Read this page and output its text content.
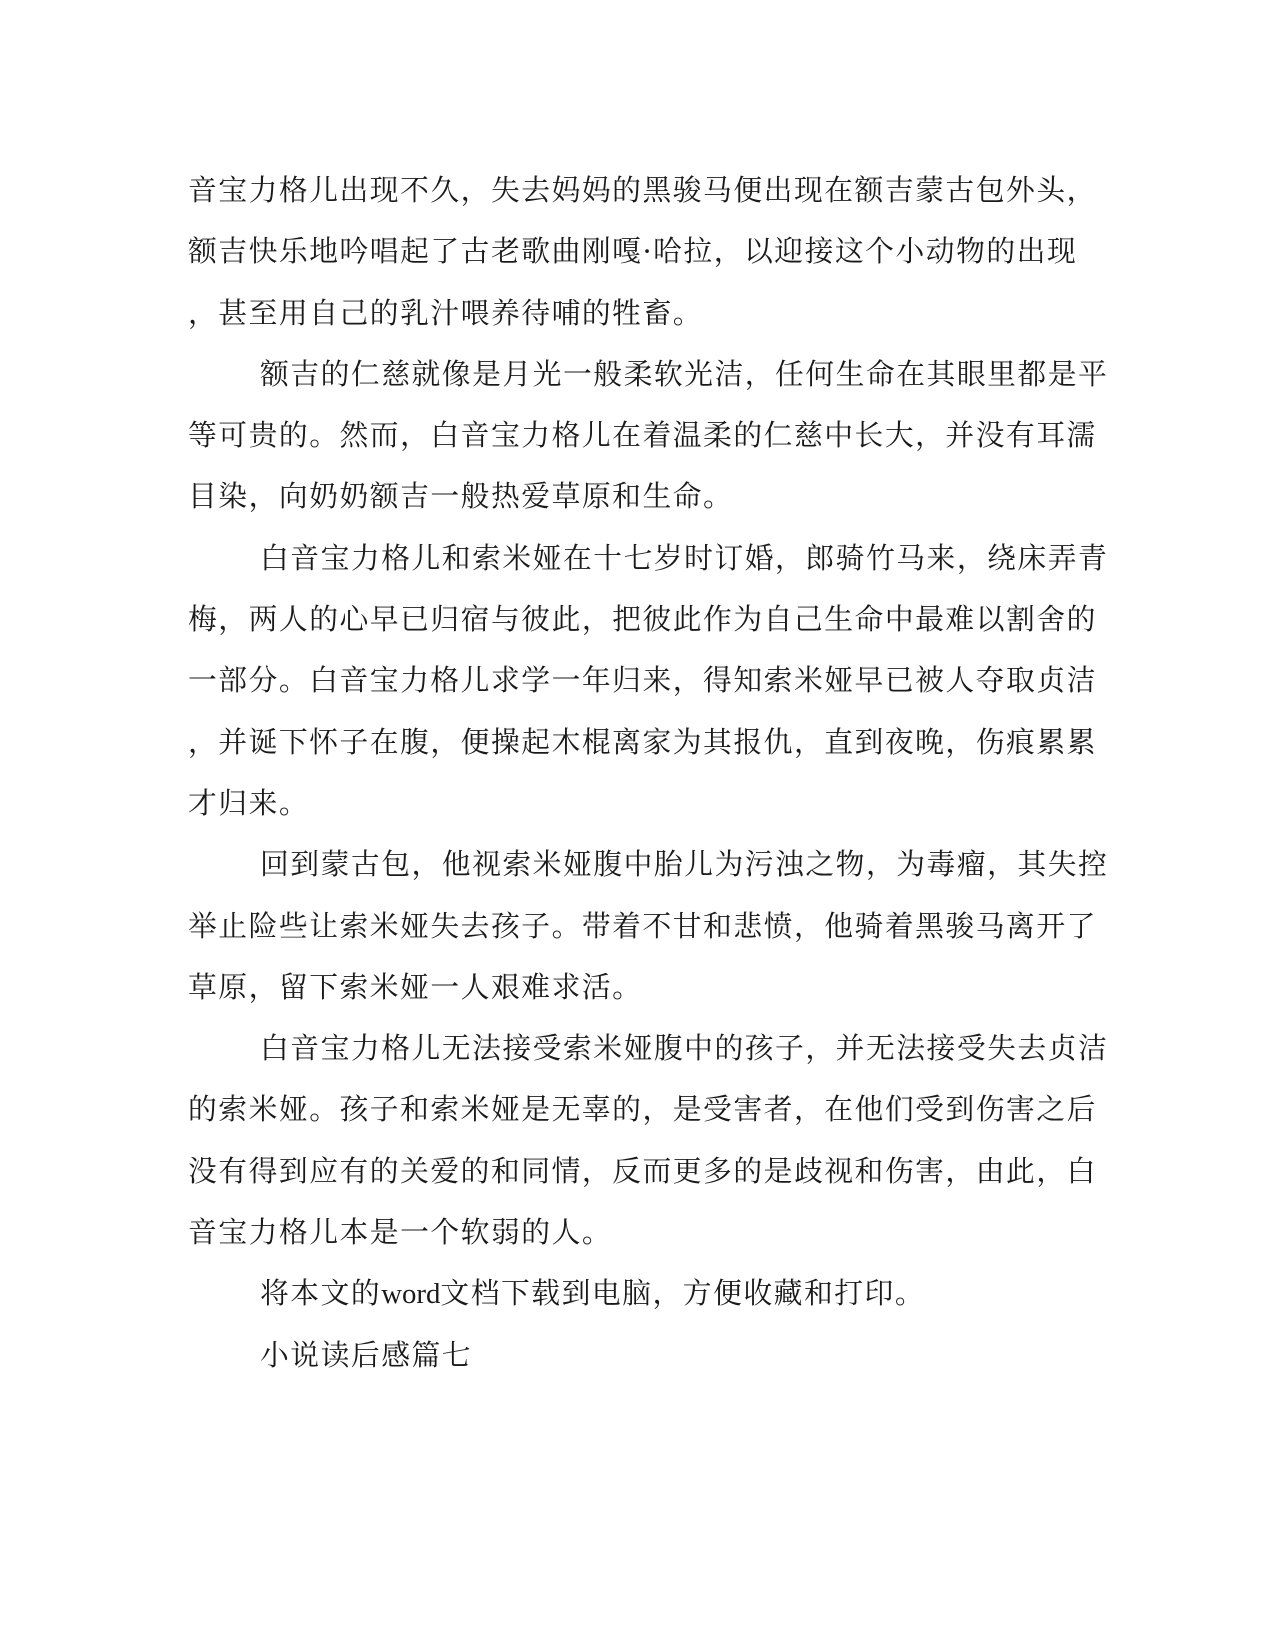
音宝力格儿出现不久，失去妈妈的黑骏马便出现在额吉蒙古包外头，
额吉快乐地吟唱起了古老歌曲刚嘎·哈拉，以迎接这个小动物的出现
，甚至用自己的乳汁喂养待哺的牲畜。
额吉的仁慈就像是月光一般柔软光洁，任何生命在其眼里都是平
等可贵的。然而，白音宝力格儿在着温柔的仁慈中长大，并没有耳濡
目染，向奶奶额吉一般热爱草原和生命。
白音宝力格儿和索米娅在十七岁时订婚，郎骑竹马来，绕床弄青
梅，两人的心早已归宿与彼此，把彼此作为自己生命中最难以割舍的
一部分。白音宝力格儿求学一年归来，得知索米娅早已被人夺取贞洁
，并诞下怀子在腹，便操起木棍离家为其报仇，直到夜晚，伤痕累累
才归来。
回到蒙古包，他视索米娅腹中胎儿为污浊之物，为毒瘤，其失控
举止险些让索米娅失去孩子。带着不甘和悲愤，他骑着黑骏马离开了
草原，留下索米娅一人艰难求活。
白音宝力格儿无法接受索米娅腹中的孩子，并无法接受失去贞洁
的索米娅。孩子和索米娅是无辜的，是受害者，在他们受到伤害之后
没有得到应有的关爱的和同情，反而更多的是歧视和伤害，由此，白
音宝力格儿本是一个软弱的人。
将本文的word文档下载到电脑，方便收藏和打印。
小说读后感篇七
